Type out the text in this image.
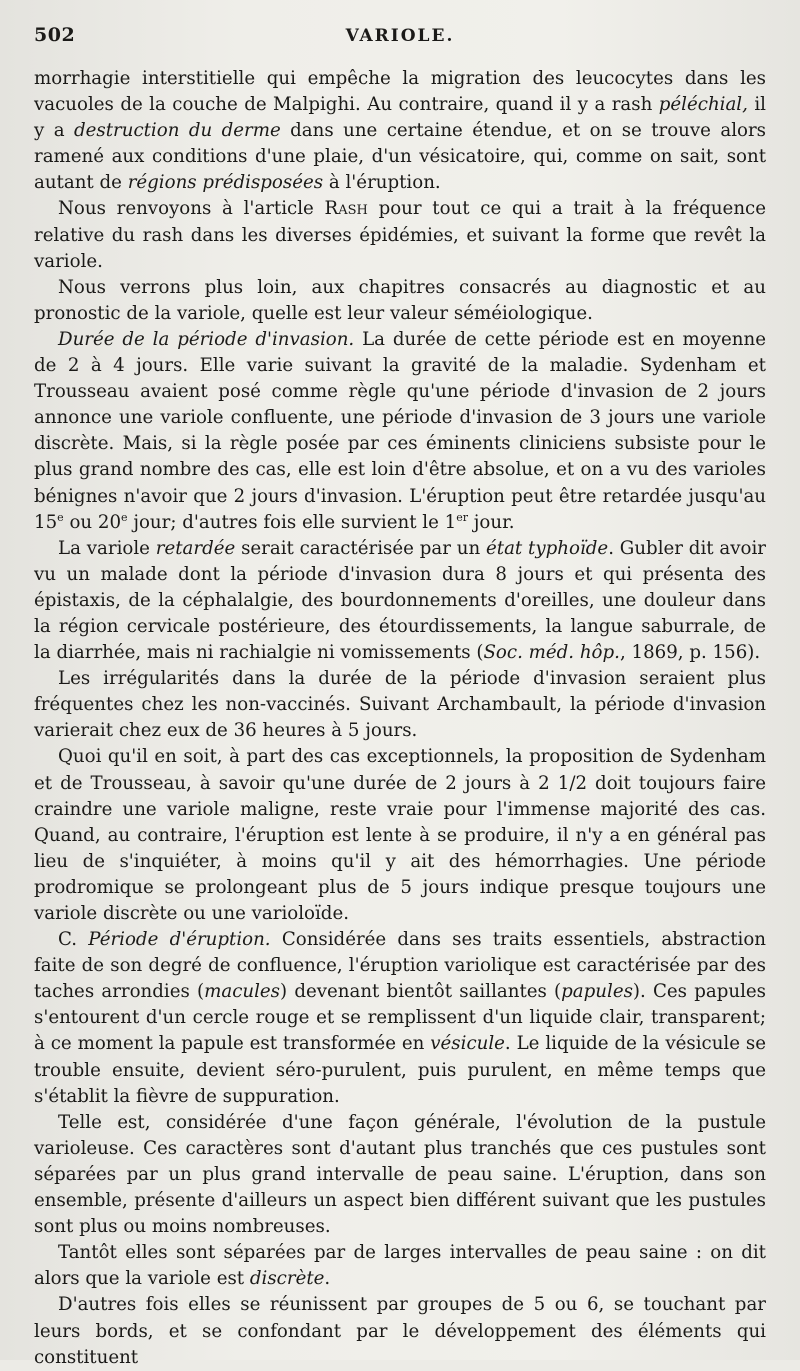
502	VARIOLE.

morrhagie interstitielle qui empêche la migration des leucocytes dans les vacuoles de la couche de Malpighi. Au contraire, quand il y a rash péléchial, il y a destruction du derme dans une certaine étendue, et on se trouve alors ramené aux conditions d'une plaie, d'un vésicatoire, qui, comme on sait, sont autant de régions prédisposées à l'éruption.

Nous renvoyons à l'article Rash pour tout ce qui a trait à la fréquence relative du rash dans les diverses épidémies, et suivant la forme que revêt la variole.

Nous verrons plus loin, aux chapitres consacrés au diagnostic et au pronostic de la variole, quelle est leur valeur séméiologique.

Durée de la période d'invasion. La durée de cette période est en moyenne de 2 à 4 jours. Elle varie suivant la gravité de la maladie. Sydenham et Trousseau avaient posé comme règle qu'une période d'invasion de 2 jours annonce une variole confluente, une période d'invasion de 3 jours une variole discrète. Mais, si la règle posée par ces éminents cliniciens subsiste pour le plus grand nombre des cas, elle est loin d'être absolue, et on a vu des varioles bénignes n'avoir que 2 jours d'invasion. L'éruption peut être retardée jusqu'au 15e ou 20e jour; d'autres fois elle survient le 1er jour.

La variole retardée serait caractérisée par un état typhoïde. Gubler dit avoir vu un malade dont la période d'invasion dura 8 jours et qui présenta des épistaxis, de la céphalalgie, des bourdonnements d'oreilles, une douleur dans la région cervicale postérieure, des étourdissements, la langue saburrale, de la diarrhée, mais ni rachialgie ni vomissements (Soc. méd. hôp., 1869, p. 156).

Les irrégularités dans la durée de la période d'invasion seraient plus fréquentes chez les non-vaccinés. Suivant Archambault, la période d'invasion varierait chez eux de 36 heures à 5 jours.

Quoi qu'il en soit, à part des cas exceptionnels, la proposition de Sydenham et de Trousseau, à savoir qu'une durée de 2 jours à 2 1/2 doit toujours faire craindre une variole maligne, reste vraie pour l'immense majorité des cas. Quand, au contraire, l'éruption est lente à se produire, il n'y a en général pas lieu de s'inquiéter, à moins qu'il y ait des hémorrhagies. Une période prodromique se prolongeant plus de 5 jours indique presque toujours une variole discrète ou une varioloïde.

C. Période d'éruption. Considérée dans ses traits essentiels, abstraction faite de son degré de confluence, l'éruption variolique est caractérisée par des taches arrondies (macules) devenant bientôt saillantes (papules). Ces papules s'entourent d'un cercle rouge et se remplissent d'un liquide clair, transparent; à ce moment la papule est transformée en vésicule. Le liquide de la vésicule se trouble ensuite, devient séro-purulent, puis purulent, en même temps que s'établit la fièvre de suppuration.

Telle est, considérée d'une façon générale, l'évolution de la pustule varioleuse. Ces caractères sont d'autant plus tranchés que ces pustules sont séparées par un plus grand intervalle de peau saine. L'éruption, dans son ensemble, présente d'ailleurs un aspect bien différent suivant que les pustules sont plus ou moins nombreuses.

Tantôt elles sont séparées par de larges intervalles de peau saine : on dit alors que la variole est discrète.

D'autres fois elles se réunissent par groupes de 5 ou 6, se touchant par leurs bords, et se confondant par le développement des éléments qui constituent
